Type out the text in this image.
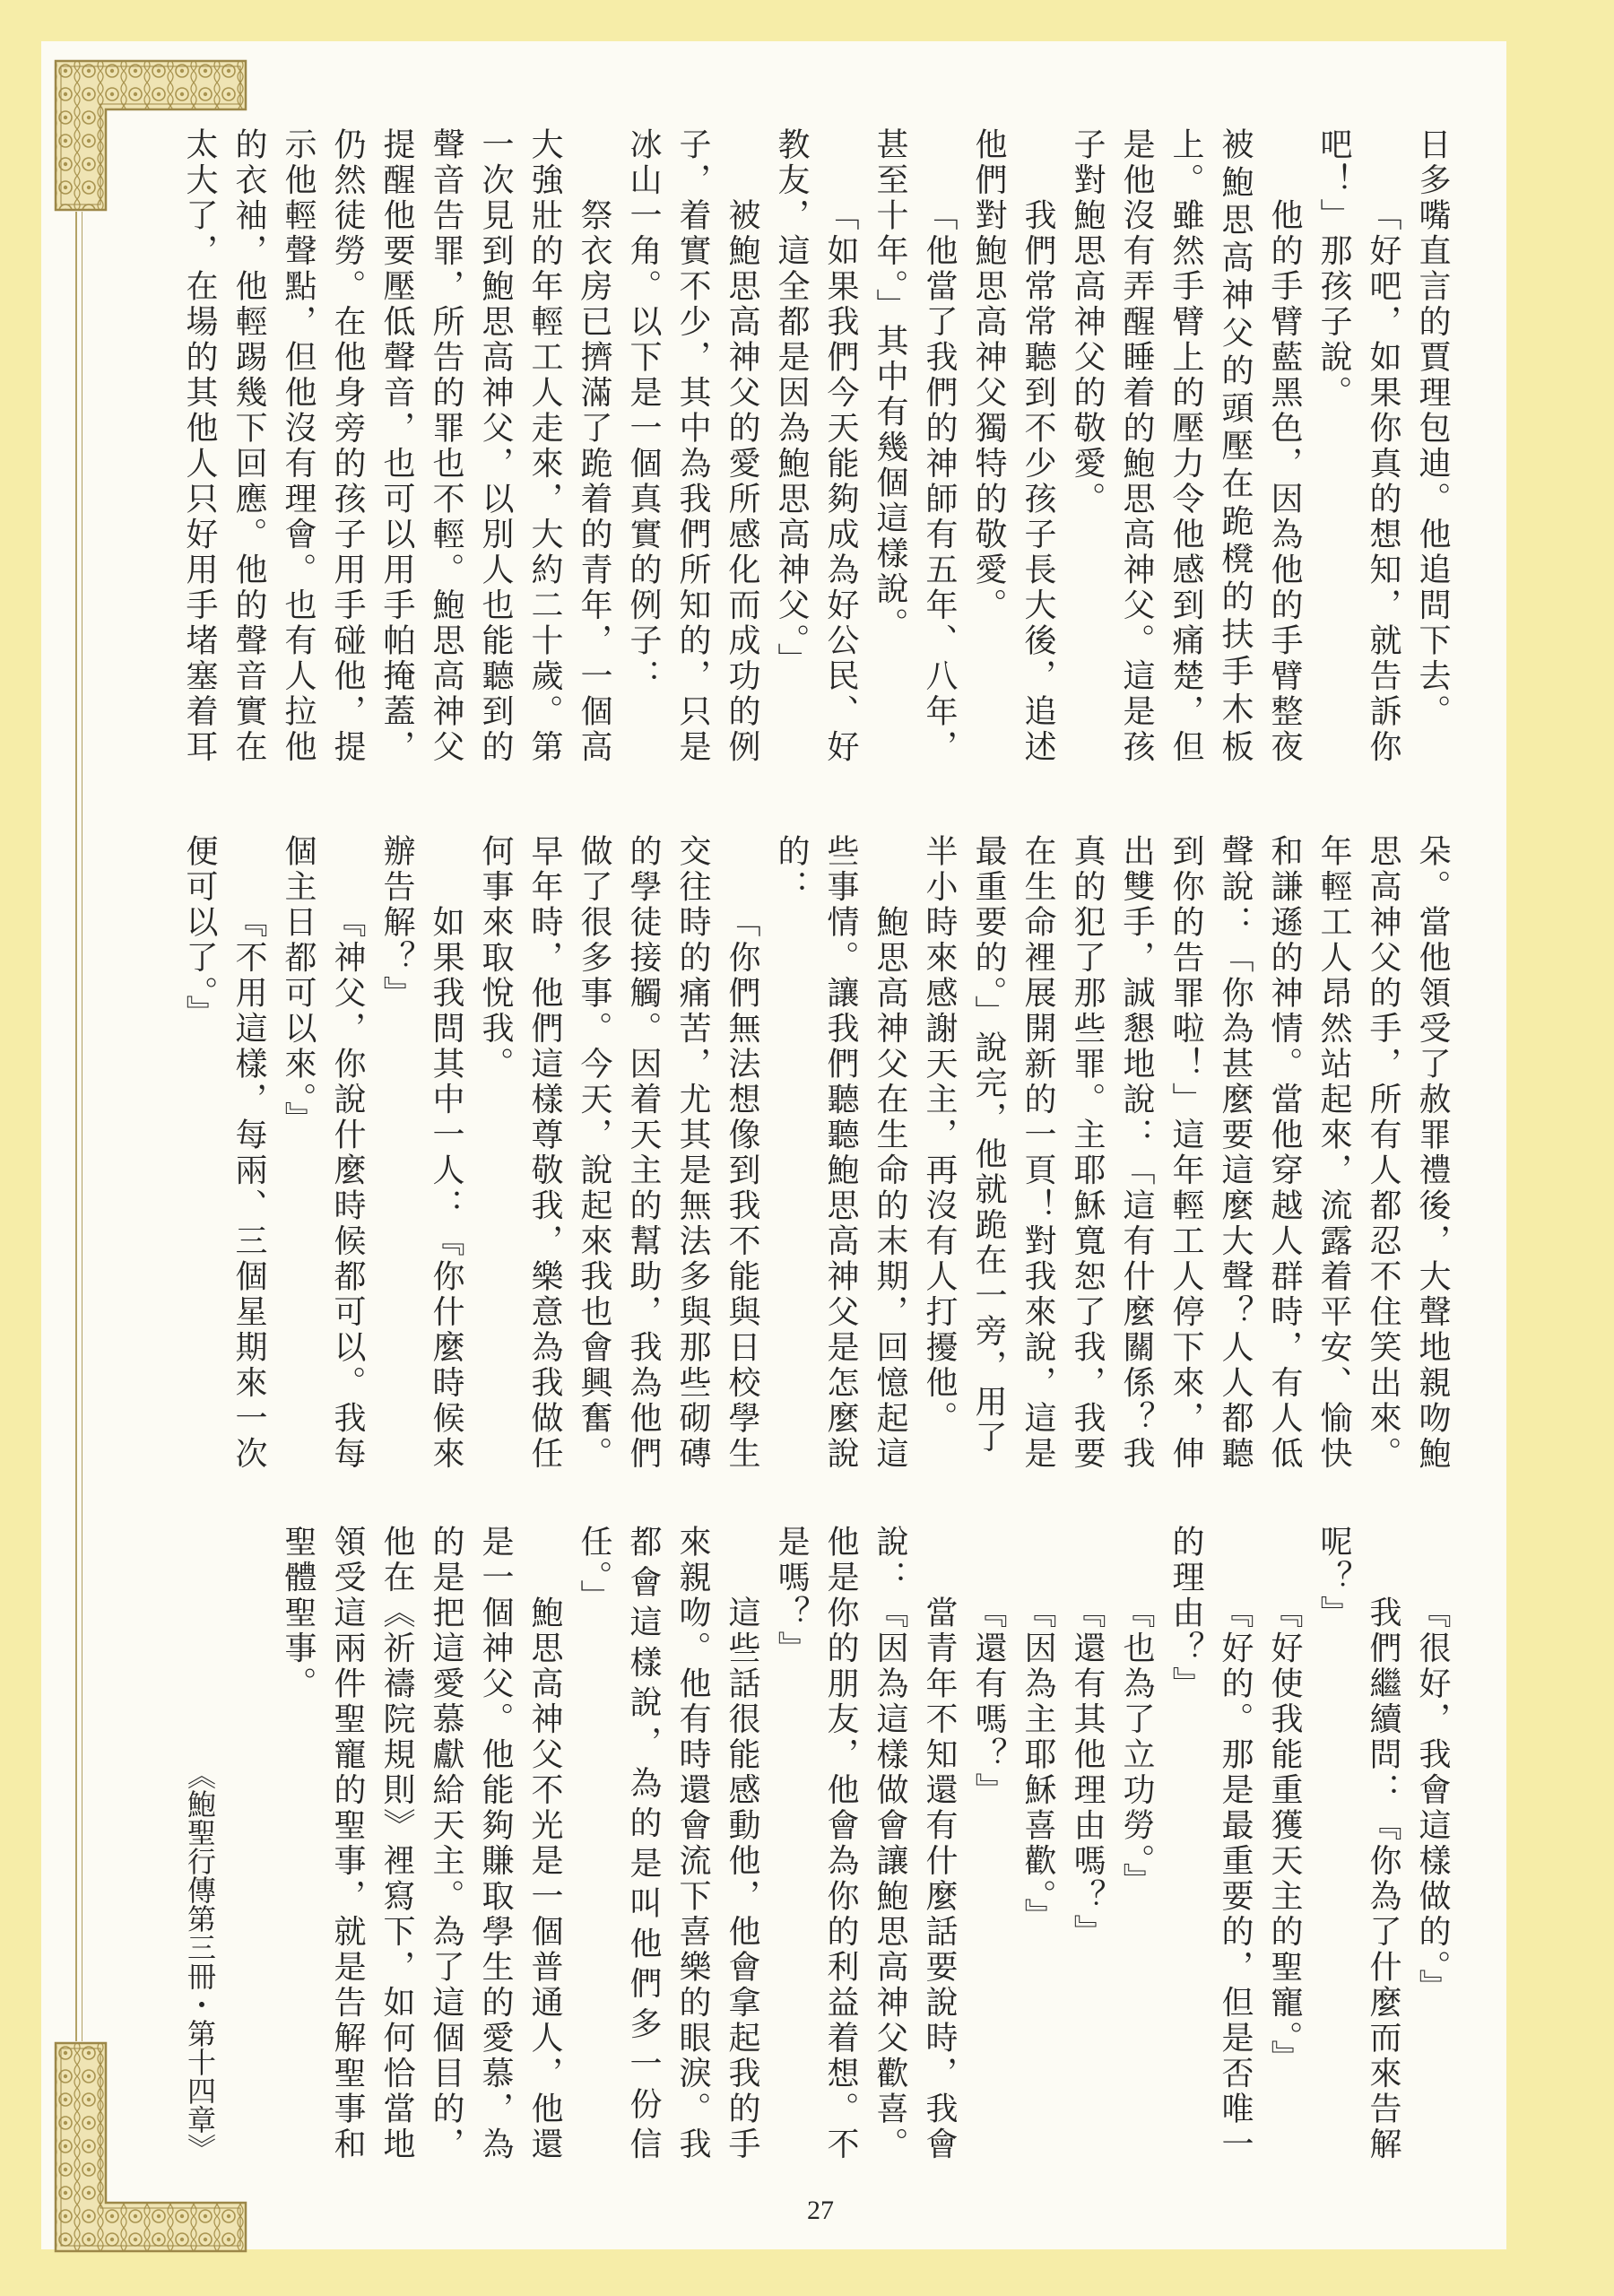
日多嘴直言的賈理包迪。他追問下去。
「好吧，如果你真的想知，就告訴你
吧！」那孩子說。
他的手臂藍黑色，因為他的手臂整夜
被鮑思高神父的頭壓在跪櫈的扶手木板
上。雖然手臂上的壓力令他感到痛楚，但
是他沒有弄醒睡着的鮑思高神父。這是孩
子對鮑思高神父的敬愛。
我們常常聽到不少孩子長大後，追述
他們對鮑思高神父獨特的敬愛。
「他當了我們的神師有五年、八年，
甚至十年。」其中有幾個這樣說。
「如果我們今天能夠成為好公民、好
教友，這全都是因為鮑思高神父。」
被鮑思高神父的愛所感化而成功的例
子，着實不少，其中為我們所知的，只是
冰山一角。以下是一個真實的例子：
祭衣房已擠滿了跪着的青年，一個高
大強壯的年輕工人走來，大約二十歲。第
一次見到鮑思高神父，以別人也能聽到的
聲音告罪，所告的罪也不輕。鮑思高神父
提醒他要壓低聲音，也可以用手帕掩蓋，
仍然徒勞。在他身旁的孩子用手碰他，提
示他輕聲點，但他沒有理會。也有人拉他
的衣袖，他輕踢幾下回應。他的聲音實在
太大了，在場的其他人只好用手堵塞着耳
朵。當他領受了赦罪禮後，大聲地親吻鮑
思高神父的手，所有人都忍不住笑出來。
年輕工人昂然站起來，流露着平安、愉快
和謙遜的神情。當他穿越人群時，有人低
聲說：「你為甚麼要這麼大聲？人人都聽
到你的告罪啦！」這年輕工人停下來，伸
出雙手，誠懇地說：「這有什麼關係？我
真的犯了那些罪。主耶穌寬恕了我，我要
在生命裡展開新的一頁！對我來說，這是
最重要的。」說完，他就跪在一旁，用了
半小時來感謝天主，再沒有人打擾他。
鮑思高神父在生命的末期，回憶起這
些事情。讓我們聽聽鮑思高神父是怎麼說
的：
「你們無法想像到我不能與日校學生
交往時的痛苦，尤其是無法多與那些砌磚
的學徒接觸。因着天主的幫助，我為他們
做了很多事。今天，說起來我也會興奮。
早年時，他們這樣尊敬我，樂意為我做任
何事來取悅我。
如果我問其中一人：『你什麼時候來
辦告解？』
『神父，你說什麼時候都可以。我每
個主日都可以來。』
『不用這樣，每兩、三個星期來一次
便可以了。』
『很好，我會這樣做的。』
我們繼續問：『你為了什麼而來告解
呢？』
『好使我能重獲天主的聖寵。』
『好的。那是最重要的，但是否唯一
的理由？』
『也為了立功勞。』
『還有其他理由嗎？』
『因為主耶穌喜歡。』
『還有嗎？』
當青年不知還有什麼話要說時，我會
說：『因為這樣做會讓鮑思高神父歡喜。
他是你的朋友，他會為你的利益着想。不
是嗎？』
這些話很能感動他，他會拿起我的手
來親吻。他有時還會流下喜樂的眼淚。我
都會這樣說，為的是叫他們多一份信
任。」
鮑思高神父不光是一個普通人，他還
是一個神父。他能夠賺取學生的愛慕，為
的是把這愛慕獻給天主。為了這個目的，
他在《祈禱院規則》裡寫下，如何恰當地
領受這兩件聖寵的聖事，就是告解聖事和
聖體聖事。
《鮑聖行傳第三冊・第十四章》
27
